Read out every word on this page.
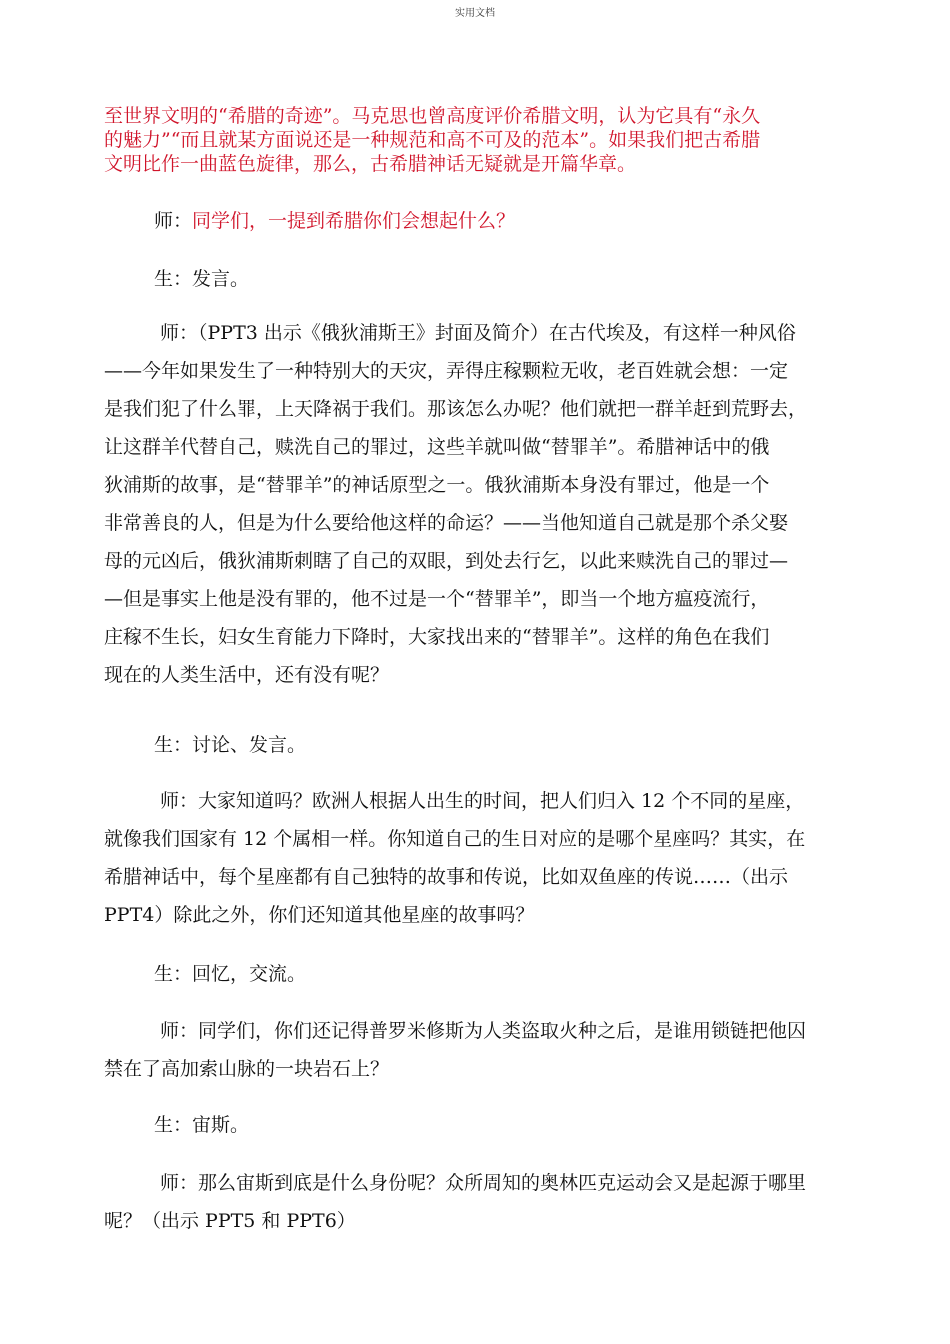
实用文档
至世界文明的“希腊的奇迹”。马克思也曾高度评价希腊文明，认为它具有“永久
的魅力”“而且就某方面说还是一种规范和高不可及的范本”。如果我们把古希腊
文明比作一曲蓝色旋律，那么，古希腊神话无疑就是开篇华章。
师：同学们，一提到希腊你们会想起什么？
生：发言。
师：（PPT3 出示《俄狄浦斯王》封面及简介）在古代埃及，有这样一种风俗
——今年如果发生了一种特别大的天灾，弄得庄稼颗粒无收，老百姓就会想：一定
是我们犯了什么罪，上天降祸于我们。那该怎么办呢？他们就把一群羊赶到荒野去，
让这群羊代替自己，赎洗自己的罪过，这些羊就叫做“替罪羊”。希腊神话中的俄
狄浦斯的故事，是“替罪羊”的神话原型之一。俄狄浦斯本身没有罪过，他是一个
非常善良的人，但是为什么要给他这样的命运？——当他知道自己就是那个杀父娶
母的元凶后，俄狄浦斯刺瞎了自己的双眼，到处去行乞，以此来赎洗自己的罪过—
—但是事实上他是没有罪的，他不过是一个“替罪羊”，即当一个地方瘟疫流行，
庄稼不生长，妇女生育能力下降时，大家找出来的“替罪羊”。这样的角色在我们
现在的人类生活中，还有没有呢？
生：讨论、发言。
师：大家知道吗？欧洲人根据人出生的时间，把人们归入 12 个不同的星座，
就像我们国家有 12 个属相一样。你知道自己的生日对应的是哪个星座吗？其实，在
希腊神话中，每个星座都有自己独特的故事和传说，比如双鱼座的传说……（出示
PPT4）除此之外，你们还知道其他星座的故事吗？
生：回忆，交流。
师：同学们，你们还记得普罗米修斯为人类盗取火种之后，是谁用锁链把他囚
禁在了高加索山脉的一块岩石上？
生：宙斯。
师：那么宙斯到底是什么身份呢？众所周知的奥林匹克运动会又是起源于哪里
呢？（出示 PPT5 和 PPT6）
